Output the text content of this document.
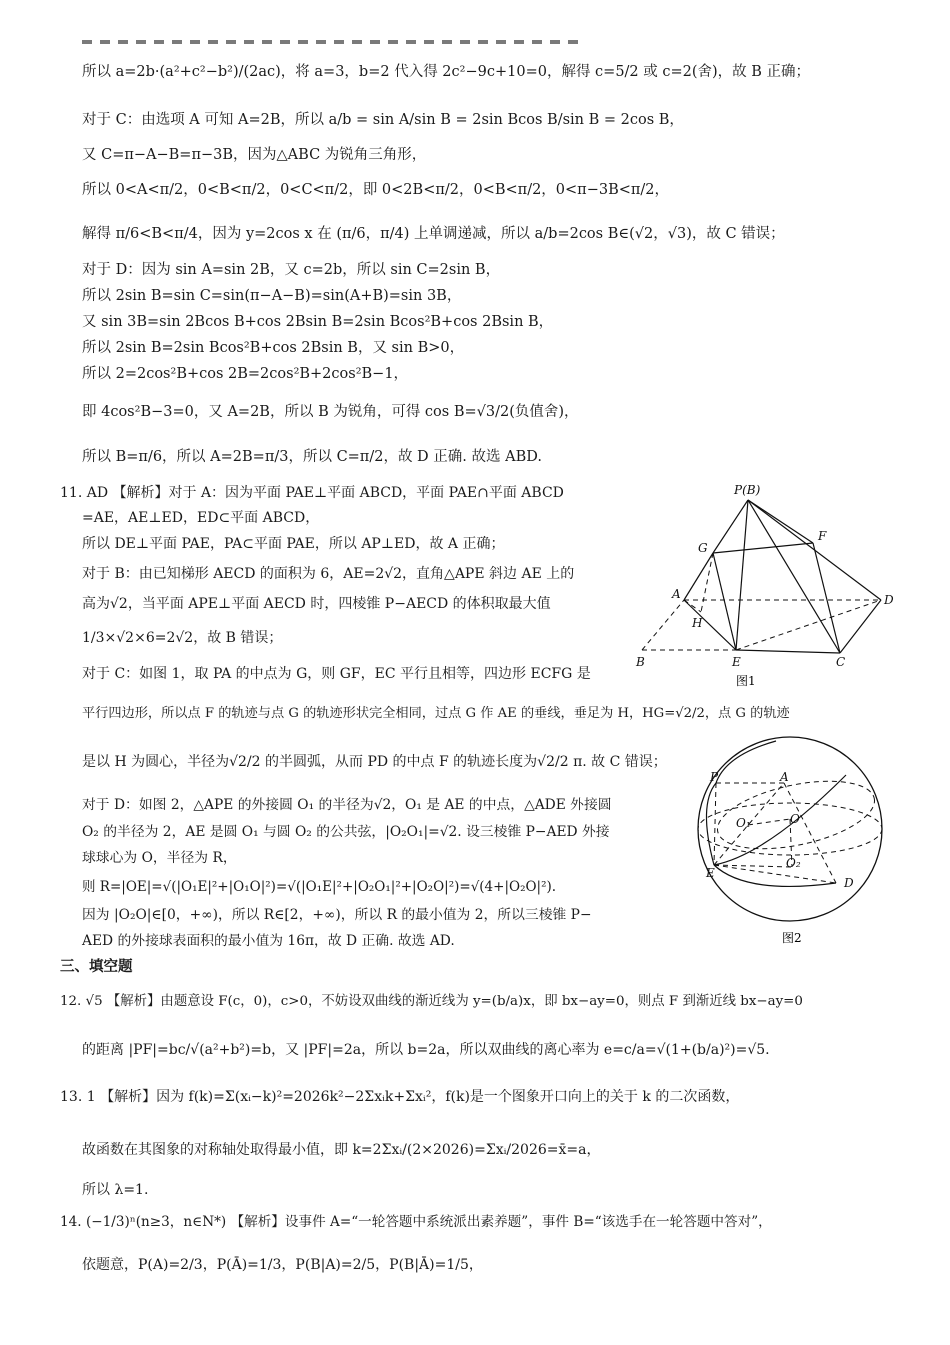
所以 a=2b·(a²+c²−b²)/(2ac)，将 a=3，b=2 代入得 2c²−9c+10=0，解得 c=5/2 或 c=2(舍)，故 B 正确；
对于 C：由选项 A 可知 A=2B，所以 a/b = sin A/sin B = 2sin Bcos B/sin B = 2cos B，
又 C=π−A−B=π−3B，因为△ABC 为锐角三角形，
所以 0<A<π/2，0<B<π/2，0<C<π/2，即 0<2B<π/2，0<B<π/2，0<π−3B<π/2，
解得 π/6<B<π/4，因为 y=2cos x 在 (π/6，π/4) 上单调递减，所以 a/b=2cos B∈(√2，√3)，故 C 错误；
对于 D：因为 sin A=sin 2B，又 c=2b，所以 sin C=2sin B，
所以 2sin B=sin C=sin(π−A−B)=sin(A+B)=sin 3B，
又 sin 3B=sin 2Bcos B+cos 2Bsin B=2sin Bcos²B+cos 2Bsin B，
所以 2sin B=2sin Bcos²B+cos 2Bsin B，又 sin B>0，
所以 2=2cos²B+cos 2B=2cos²B+2cos²B−1，
即 4cos²B−3=0，又 A=2B，所以 B 为锐角，可得 cos B=√3/2(负值舍)，
所以 B=π/6，所以 A=2B=π/3，所以 C=π/2，故 D 正确. 故选 ABD.
11. AD 【解析】对于 A：因为平面 PAE⊥平面 ABCD，平面 PAE∩平面 ABCD
=AE，AE⊥ED，ED⊂平面 ABCD，
所以 DE⊥平面 PAE，PA⊂平面 PAE，所以 AP⊥ED，故 A 正确；
对于 B：由已知梯形 AECD 的面积为 6，AE=2√2，直角△APE 斜边 AE 上的
高为√2，当平面 APE⊥平面 AECD 时，四棱锥 P−AECD 的体积取最大值
1/3×√2×6=2√2，故 B 错误；
对于 C：如图 1，取 PA 的中点为 G，则 GF，EC 平行且相等，四边形 ECFG 是
平行四边形，所以点 F 的轨迹与点 G 的轨迹形状完全相同，过点 G 作 AE 的垂线，垂足为 H，HG=√2/2，点 G 的轨迹
是以 H 为圆心，半径为√2/2 的半圆弧，从而 PD 的中点 F 的轨迹长度为√2/2 π. 故 C 错误；
对于 D：如图 2，△APE 的外接圆 O₁ 的半径为√2，O₁ 是 AE 的中点，△ADE 外接圆
O₂ 的半径为 2，AE 是圆 O₁ 与圆 O₂ 的公共弦，|O₂O₁|=√2. 设三棱锥 P−AED 外接
球球心为 O，半径为 R，
则 R=|OE|=√(|O₁E|²+|O₁O|²)=√(|O₁E|²+|O₂O₁|²+|O₂O|²)=√(4+|O₂O|²).
因为 |O₂O|∈[0，+∞)，所以 R∈[2，+∞)，所以 R 的最小值为 2，所以三棱锥 P−
AED 的外接球表面积的最小值为 16π，故 D 正确. 故选 AD.
三、填空题
12. √5 【解析】由题意设 F(c，0)，c>0，不妨设双曲线的渐近线为 y=(b/a)x，即 bx−ay=0，则点 F 到渐近线 bx−ay=0
的距离 |PF|=bc/√(a²+b²)=b，又 |PF|=2a，所以 b=2a，所以双曲线的离心率为 e=c/a=√(1+(b/a)²)=√5.
13. 1 【解析】因为 f(k)=Σ(xᵢ−k)²=2026k²−2Σxᵢk+Σxᵢ²，f(k)是一个图象开口向上的关于 k 的二次函数，
故函数在其图象的对称轴处取得最小值，即 k=2Σxᵢ/(2×2026)=Σxᵢ/2026=x̄=a，
所以 λ=1.
14. (−1/3)ⁿ(n≥3，n∈N*) 【解析】设事件 A=“一轮答题中系统派出素养题”，事件 B=“该选手在一轮答题中答对”，
依题意，P(A)=2/3，P(Ā)=1/3，P(B|A)=2/5，P(B|Ā)=1/5，
P(B)
G
F
A	D
H
B	E	C
图1
P	A
O₁	O
E
O₂
D
图2
